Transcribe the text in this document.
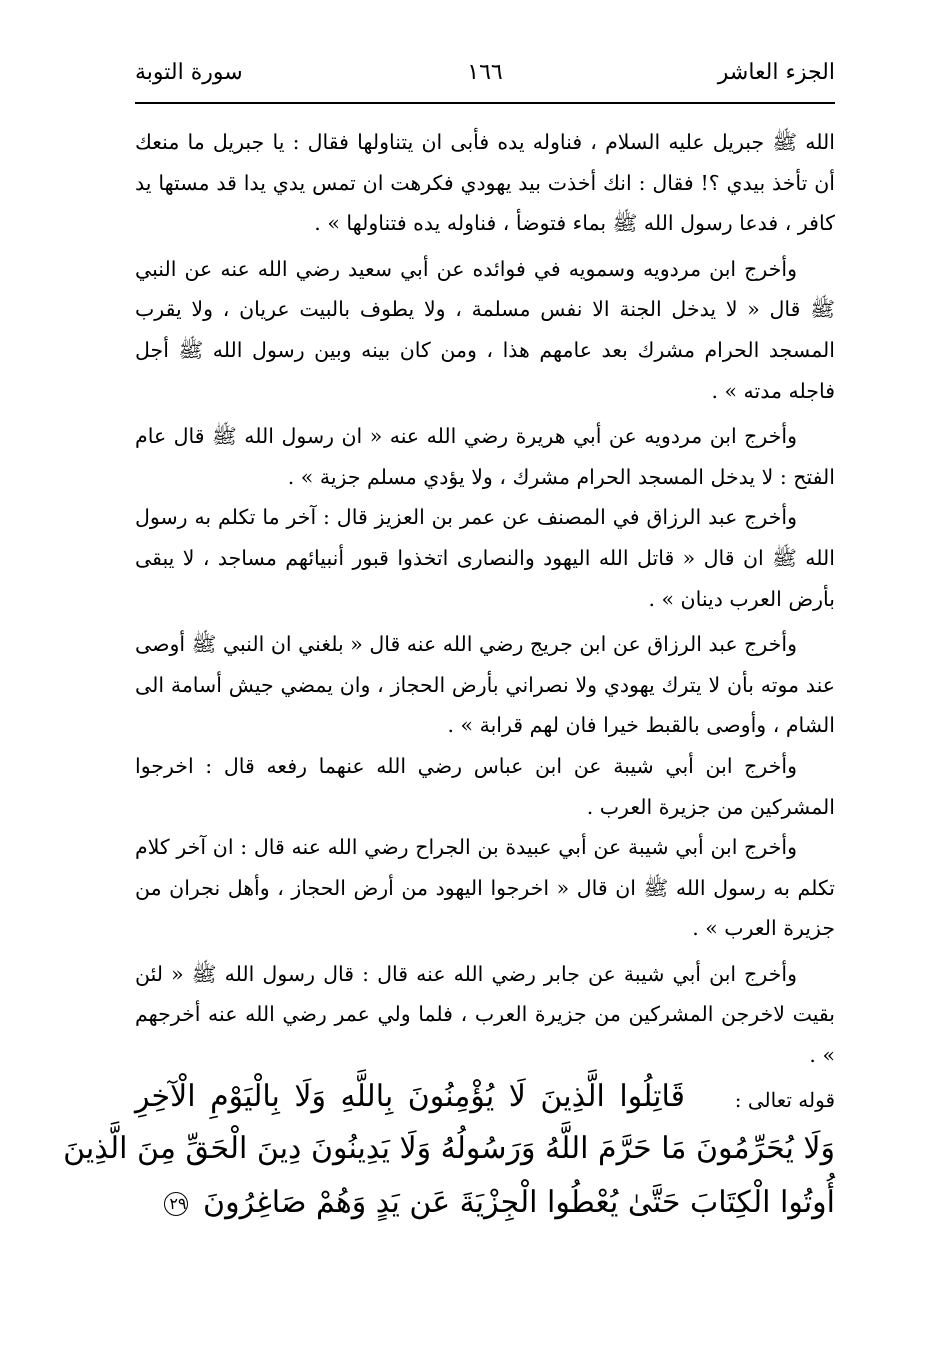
الجزء العاشر
١٦٦
سورة التوبة

الله ﷺ جبريل عليه السلام ، فناوله يده فأبى ان يتناولها فقال : يا جبريل ما منعك أن تأخذ بيدي ؟! فقال : انك أخذت بيد يهودي فكرهت ان تمس يدي يدا قد مستها يد كافر ، فدعا رسول الله ﷺ بماء فتوضأ ، فناوله يده فتناولها » .

وأخرج ابن مردويه وسمويه في فوائده عن أبي سعيد رضي الله عنه عن النبي ﷺ قال « لا يدخل الجنة الا نفس مسلمة ، ولا يطوف بالبيت عريان ، ولا يقرب المسجد الحرام مشرك بعد عامهم هذا ، ومن كان بينه وبين رسول الله ﷺ أجل فاجله مدته » .

وأخرج ابن مردويه عن أبي هريرة رضي الله عنه « ان رسول الله ﷺ قال عام الفتح : لا يدخل المسجد الحرام مشرك ، ولا يؤدي مسلم جزية » .

وأخرج عبد الرزاق في المصنف عن عمر بن العزيز قال : آخر ما تكلم به رسول الله ﷺ ان قال « قاتل الله اليهود والنصارى اتخذوا قبور أنبيائهم مساجد ، لا يبقى بأرض العرب دينان » .

وأخرج عبد الرزاق عن ابن جريج رضي الله عنه قال « بلغني ان النبي ﷺ أوصى عند موته بأن لا يترك يهودي ولا نصراني بأرض الحجاز ، وان يمضي جيش أسامة الى الشام ، وأوصى بالقبط خيرا فان لهم قرابة » .

وأخرج ابن أبي شيبة عن ابن عباس رضي الله عنهما رفعه قال : اخرجوا المشركين من جزيرة العرب .

وأخرج ابن أبي شيبة عن أبي عبيدة بن الجراح رضي الله عنه قال : ان آخر كلام تكلم به رسول الله ﷺ ان قال « اخرجوا اليهود من أرض الحجاز ، وأهل نجران من جزيرة العرب » .

وأخرج ابن أبي شيبة عن جابر رضي الله عنه قال : قال رسول الله ﷺ « لئن بقيت لاخرجن المشركين من جزيرة العرب ، فلما ولي عمر رضي الله عنه أخرجهم » .

قوله تعالى :
قَاتِلُوا الَّذِينَ لَا يُؤْمِنُونَ بِاللَّهِ وَلَا بِالْيَوْمِ الْآخِرِ
وَلَا يُحَرِّمُونَ مَا حَرَّمَ اللَّهُ وَرَسُولُهُ وَلَا يَدِينُونَ دِينَ الْحَقِّ مِنَ الَّذِينَ
أُوتُوا الْكِتَابَ حَتَّىٰ يُعْطُوا الْجِزْيَةَ عَن يَدٍ وَهُمْ صَاغِرُونَ ٢٩
